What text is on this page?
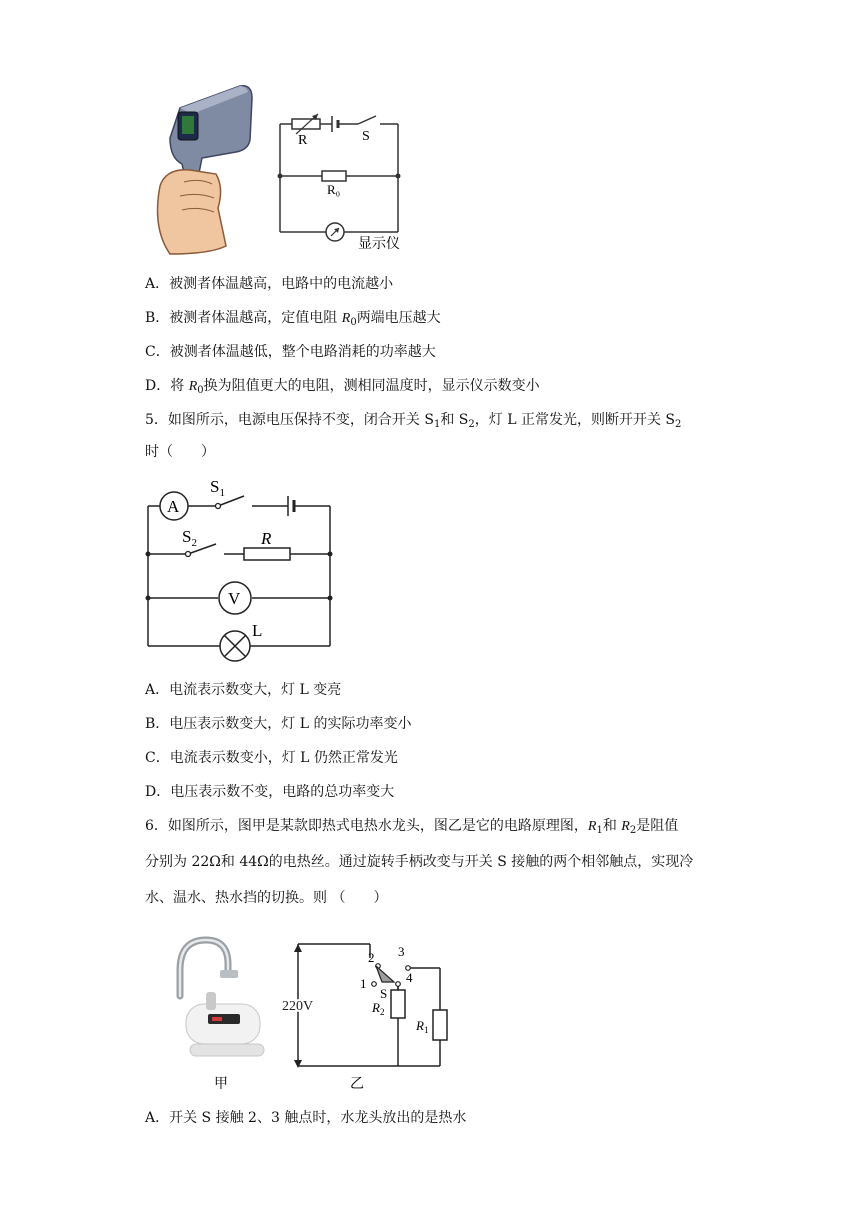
R	S
R₀
显示仪
A．被测者体温越高，电路中的电流越小
B．被测者体温越高，定值电阻 $R_0$两端电压越大
C．被测者体温越低，整个电路消耗的功率越大
D．将 $R_0$换为阻值更大的电阻，测相同温度时，显示仪示数变小
5．如图所示，电源电压保持不变，闭合开关 $S_1$和 $S_2$，灯 L 正常发光，则断开开关 $S_2$
时（　　）
A
$S_1$
$S_2$	R
V
L
A．电流表示数变大，灯 L 变亮
B．电压表示数变大，灯 L 的实际功率变小
C．电流表示数变小，灯 L 仍然正常发光
D．电压表示数不变，电路的总功率变大
6．如图所示，图甲是某款即热式电热水龙头，图乙是它的电路原理图，$R_1$和 $R_2$是阻值
分别为 22Ω和 44Ω的电热丝。通过旋转手柄改变与开关 S 接触的两个相邻触点，实现冷
水、温水、热水挡的切换。则 （　　）
甲	乙
220V
1
2 3
4
S
$R_2$
$R_1$
A．开关 S 接触 2、3 触点时，水龙头放出的是热水
